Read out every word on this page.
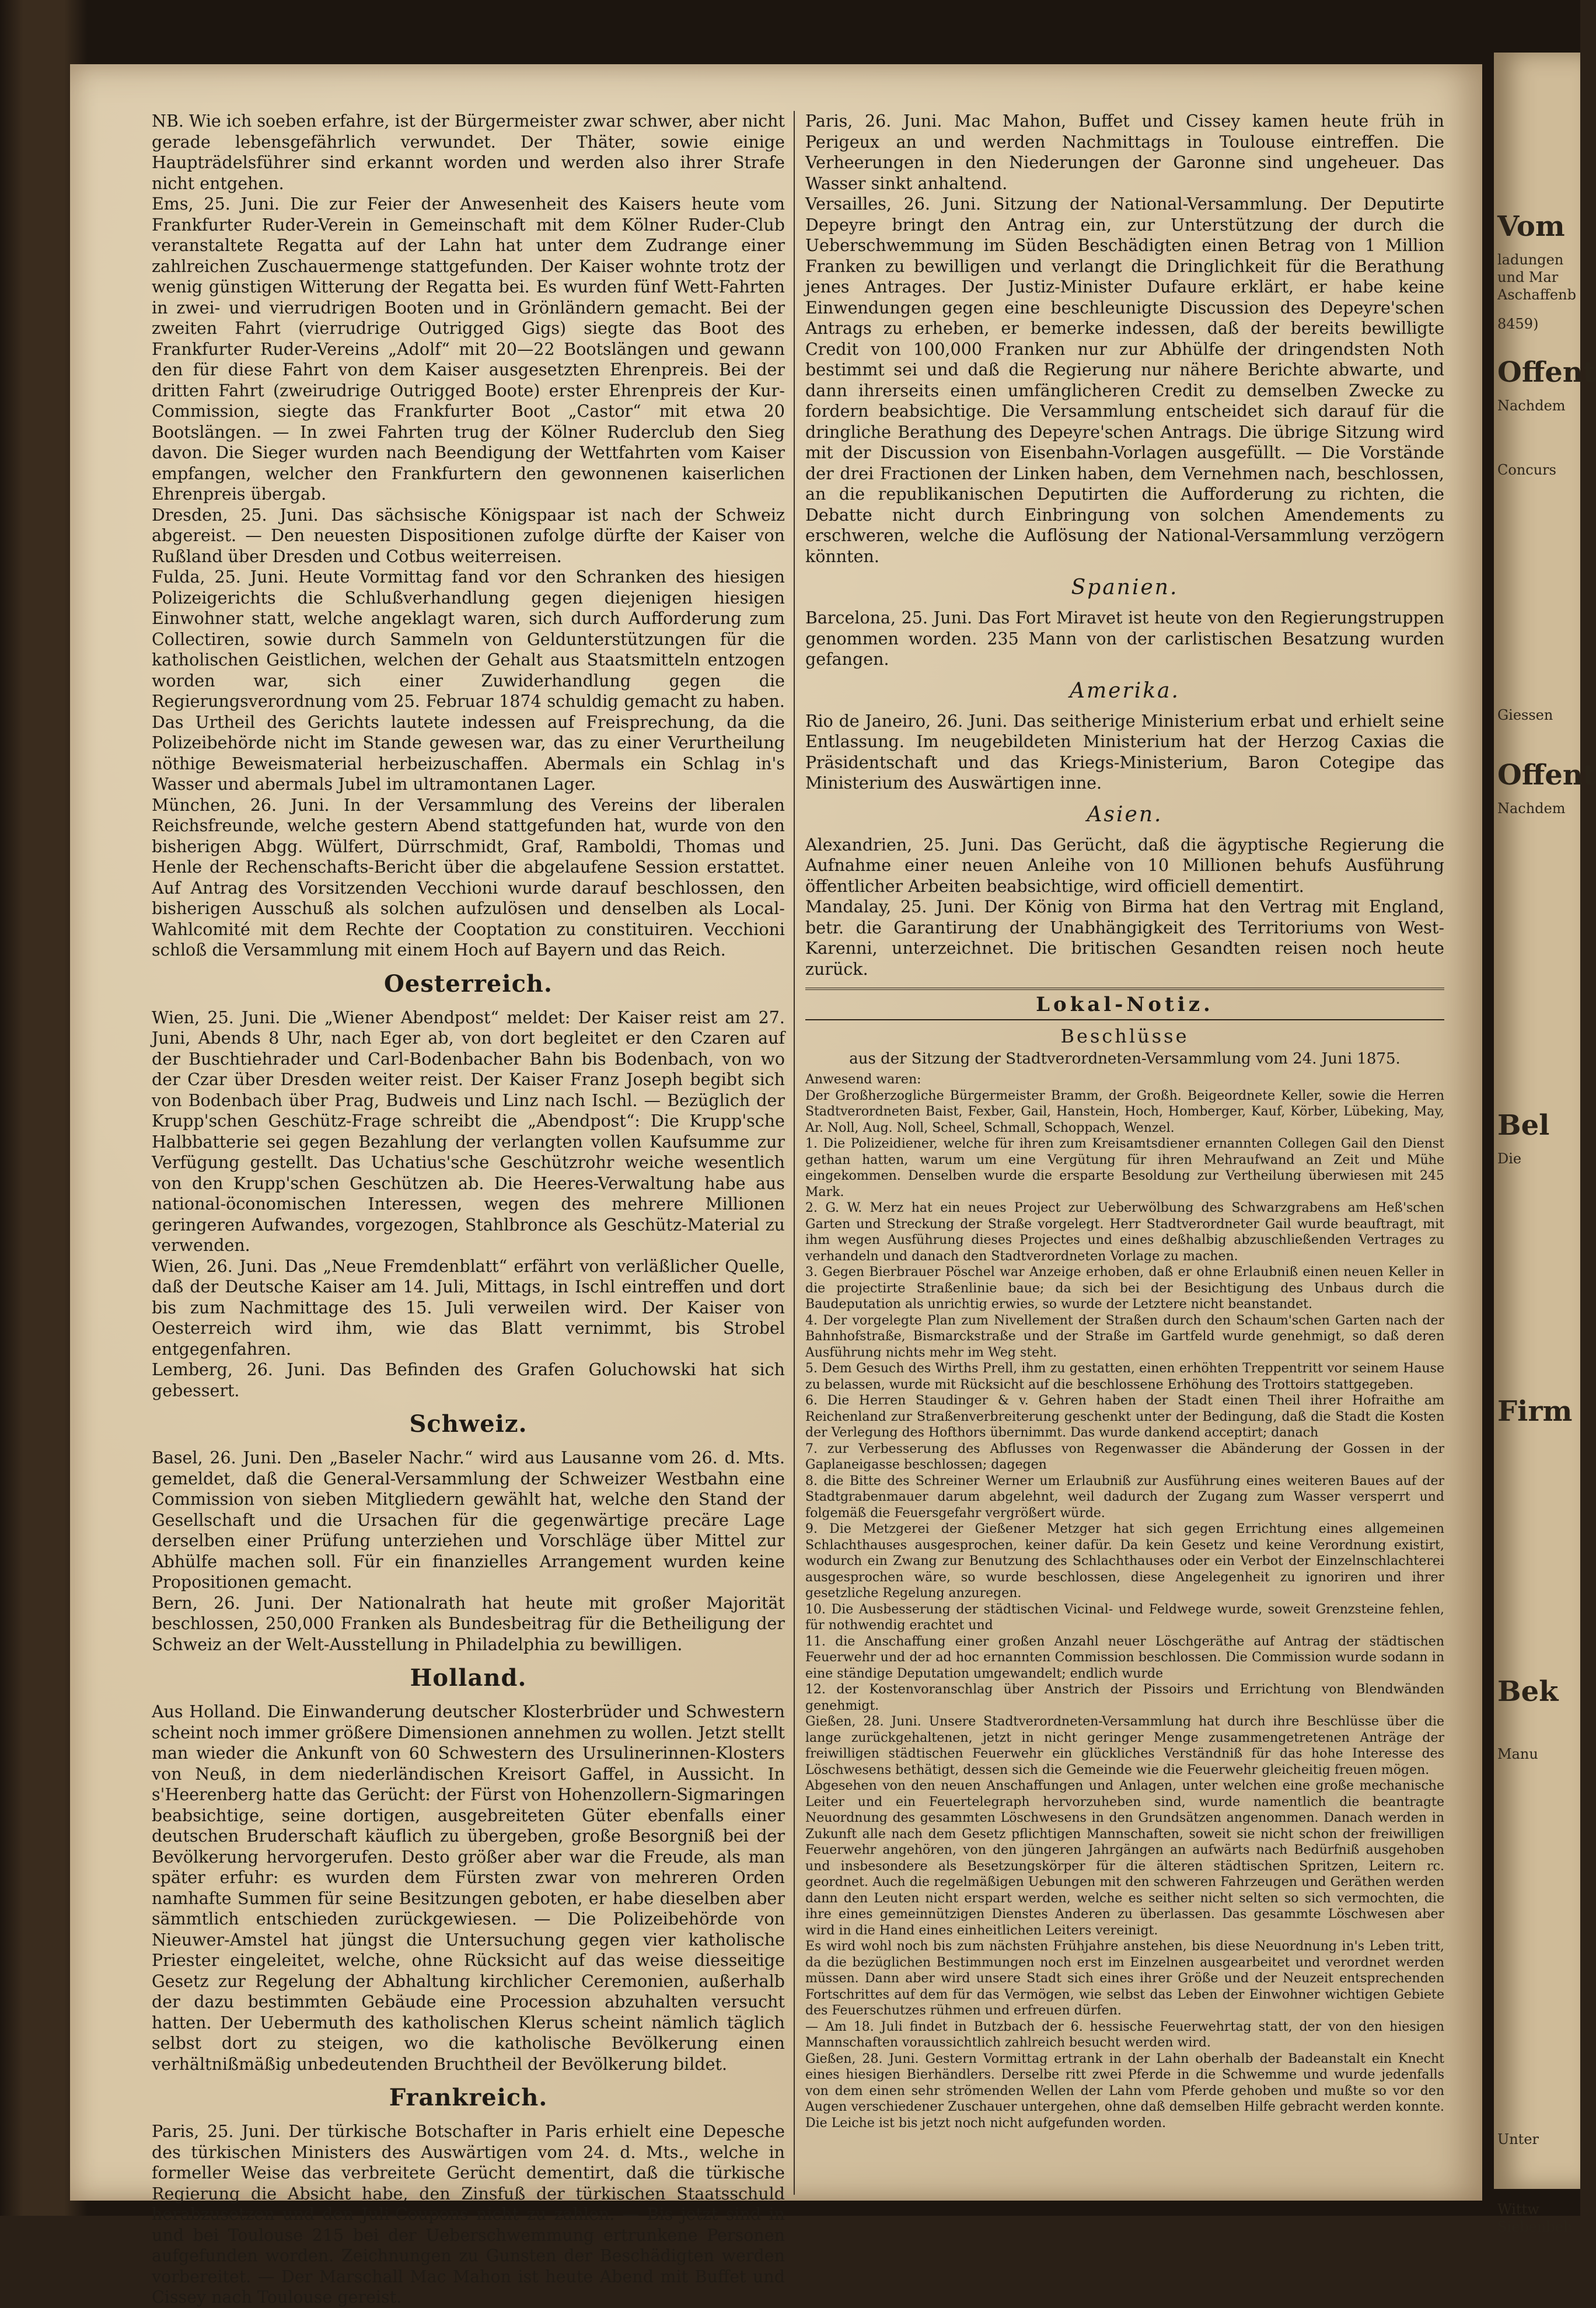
Vom
ladungen
und Mar
Aschaffenb
8459)
Offent
Nachdem
Concurs
Giessen
Offent
Nachdem
Bel
Die
Firm
Bek
Manu
Unter
Wittw
Siebenbeh

NB. Wie ich soeben erfahre, ist der Bürgermeister zwar schwer, aber nicht gerade lebensgefährlich verwundet. Der Thäter, sowie einige Haupträdelsführer sind erkannt worden und werden also ihrer Strafe nicht entgehen.

Ems, 25. Juni. Die zur Feier der Anwesenheit des Kaisers heute vom Frankfurter Ruder-Verein in Gemeinschaft mit dem Kölner Ruder-Club veranstaltete Regatta auf der Lahn hat unter dem Zudrange einer zahlreichen Zuschauermenge stattgefunden. Der Kaiser wohnte trotz der wenig günstigen Witterung der Regatta bei. Es wurden fünf Wett-Fahrten in zwei- und vierrudrigen Booten und in Grönländern gemacht. Bei der zweiten Fahrt (vierrudrige Outrigged Gigs) siegte das Boot des Frankfurter Ruder-Vereins „Adolf“ mit 20—22 Bootslängen und gewann den für diese Fahrt von dem Kaiser ausgesetzten Ehrenpreis. Bei der dritten Fahrt (zweirudrige Outrigged Boote) erster Ehrenpreis der Kur-Commission, siegte das Frankfurter Boot „Castor“ mit etwa 20 Bootslängen. — In zwei Fahrten trug der Kölner Ruderclub den Sieg davon. Die Sieger wurden nach Beendigung der Wettfahrten vom Kaiser empfangen, welcher den Frankfurtern den gewonnenen kaiserlichen Ehrenpreis übergab.

Dresden, 25. Juni. Das sächsische Königspaar ist nach der Schweiz abgereist. — Den neuesten Dispositionen zufolge dürfte der Kaiser von Rußland über Dresden und Cotbus weiterreisen.

Fulda, 25. Juni. Heute Vormittag fand vor den Schranken des hiesigen Polizeigerichts die Schlußverhandlung gegen diejenigen hiesigen Einwohner statt, welche angeklagt waren, sich durch Aufforderung zum Collectiren, sowie durch Sammeln von Geldunterstützungen für die katholischen Geistlichen, welchen der Gehalt aus Staatsmitteln entzogen worden war, sich einer Zuwiderhandlung gegen die Regierungsverordnung vom 25. Februar 1874 schuldig gemacht zu haben. Das Urtheil des Gerichts lautete indessen auf Freisprechung, da die Polizeibehörde nicht im Stande gewesen war, das zu einer Verurtheilung nöthige Beweismaterial herbeizuschaffen. Abermals ein Schlag in's Wasser und abermals Jubel im ultramontanen Lager.

München, 26. Juni. In der Versammlung des Vereins der liberalen Reichsfreunde, welche gestern Abend stattgefunden hat, wurde von den bisherigen Abgg. Wülfert, Dürrschmidt, Graf, Ramboldi, Thomas und Henle der Rechenschafts-Bericht über die abgelaufene Session erstattet. Auf Antrag des Vorsitzenden Vecchioni wurde darauf beschlossen, den bisherigen Ausschuß als solchen aufzulösen und denselben als Local-Wahlcomité mit dem Rechte der Cooptation zu constituiren. Vecchioni schloß die Versammlung mit einem Hoch auf Bayern und das Reich.

Oesterreich.

Wien, 25. Juni. Die „Wiener Abendpost“ meldet: Der Kaiser reist am 27. Juni, Abends 8 Uhr, nach Eger ab, von dort begleitet er den Czaren auf der Buschtiehrader und Carl-Bodenbacher Bahn bis Bodenbach, von wo der Czar über Dresden weiter reist. Der Kaiser Franz Joseph begibt sich von Bodenbach über Prag, Budweis und Linz nach Ischl. — Bezüglich der Krupp'schen Geschütz-Frage schreibt die „Abendpost“: Die Krupp'sche Halbbatterie sei gegen Bezahlung der verlangten vollen Kaufsumme zur Verfügung gestellt. Das Uchatius'sche Geschützrohr weiche wesentlich von den Krupp'schen Geschützen ab. Die Heeres-Verwaltung habe aus national-öconomischen Interessen, wegen des mehrere Millionen geringeren Aufwandes, vorgezogen, Stahlbronce als Geschütz-Material zu verwenden.

Wien, 26. Juni. Das „Neue Fremdenblatt“ erfährt von verläßlicher Quelle, daß der Deutsche Kaiser am 14. Juli, Mittags, in Ischl eintreffen und dort bis zum Nachmittage des 15. Juli verweilen wird. Der Kaiser von Oesterreich wird ihm, wie das Blatt vernimmt, bis Strobel entgegenfahren.

Lemberg, 26. Juni. Das Befinden des Grafen Goluchowski hat sich gebessert.

Schweiz.

Basel, 26. Juni. Den „Baseler Nachr.“ wird aus Lausanne vom 26. d. Mts. gemeldet, daß die General-Versammlung der Schweizer Westbahn eine Commission von sieben Mitgliedern gewählt hat, welche den Stand der Gesellschaft und die Ursachen für die gegenwärtige precäre Lage derselben einer Prüfung unterziehen und Vorschläge über Mittel zur Abhülfe machen soll. Für ein finanzielles Arrangement wurden keine Propositionen gemacht.

Bern, 26. Juni. Der Nationalrath hat heute mit großer Majorität beschlossen, 250,000 Franken als Bundesbeitrag für die Betheiligung der Schweiz an der Welt-Ausstellung in Philadelphia zu bewilligen.

Holland.

Aus Holland. Die Einwanderung deutscher Klosterbrüder und Schwestern scheint noch immer größere Dimensionen annehmen zu wollen. Jetzt stellt man wieder die Ankunft von 60 Schwestern des Ursulinerinnen-Klosters von Neuß, in dem niederländischen Kreisort Gaffel, in Aussicht. In s'Heerenberg hatte das Gerücht: der Fürst von Hohenzollern-Sigmaringen beabsichtige, seine dortigen, ausgebreiteten Güter ebenfalls einer deutschen Bruderschaft käuflich zu übergeben, große Besorgniß bei der Bevölkerung hervorgerufen. Desto größer aber war die Freude, als man später erfuhr: es wurden dem Fürsten zwar von mehreren Orden namhafte Summen für seine Besitzungen geboten, er habe dieselben aber sämmtlich entschieden zurückgewiesen. — Die Polizeibehörde von Nieuwer-Amstel hat jüngst die Untersuchung gegen vier katholische Priester eingeleitet, welche, ohne Rücksicht auf das weise diesseitige Gesetz zur Regelung der Abhaltung kirchlicher Ceremonien, außerhalb der dazu bestimmten Gebäude eine Procession abzuhalten versucht hatten. Der Uebermuth des katholischen Klerus scheint nämlich täglich selbst dort zu steigen, wo die katholische Bevölkerung einen verhältnißmäßig unbedeutenden Bruchtheil der Bevölkerung bildet.

Frankreich.

Paris, 25. Juni. Der türkische Botschafter in Paris erhielt eine Depesche des türkischen Ministers des Auswärtigen vom 24. d. Mts., welche in formeller Weise das verbreitete Gerücht dementirt, daß die türkische Regierung die Absicht habe, den Zinsfuß der türkischen Staatsschuld herabzusetzen und den Juli-Coupons nicht zu zahlen. — Bis jetzt sind in und bei Toulouse 215 bei der Ueberschwemmung ertrunkene Personen aufgefunden worden. Zeichnungen zu Gunsten der Beschädigten werden vorbereitet. — Der Marschall Mac Mahon ist heute Abend mit Buffet und Cissey nach Toulouse gereist.

Paris, 26. Juni. Mac Mahon, Buffet und Cissey kamen heute früh in Perigeux an und werden Nachmittags in Toulouse eintreffen. Die Verheerungen in den Niederungen der Garonne sind ungeheuer. Das Wasser sinkt anhaltend.

Versailles, 26. Juni. Sitzung der National-Versammlung. Der Deputirte Depeyre bringt den Antrag ein, zur Unterstützung der durch die Ueberschwemmung im Süden Beschädigten einen Betrag von 1 Million Franken zu bewilligen und verlangt die Dringlichkeit für die Berathung jenes Antrages. Der Justiz-Minister Dufaure erklärt, er habe keine Einwendungen gegen eine beschleunigte Discussion des Depeyre'schen Antrags zu erheben, er bemerke indessen, daß der bereits bewilligte Credit von 100,000 Franken nur zur Abhülfe der dringendsten Noth bestimmt sei und daß die Regierung nur nähere Berichte abwarte, und dann ihrerseits einen umfänglicheren Credit zu demselben Zwecke zu fordern beabsichtige. Die Versammlung entscheidet sich darauf für die dringliche Berathung des Depeyre'schen Antrags. Die übrige Sitzung wird mit der Discussion von Eisenbahn-Vorlagen ausgefüllt. — Die Vorstände der drei Fractionen der Linken haben, dem Vernehmen nach, beschlossen, an die republikanischen Deputirten die Aufforderung zu richten, die Debatte nicht durch Einbringung von solchen Amendements zu erschweren, welche die Auflösung der National-Versammlung verzögern könnten.

Spanien.

Barcelona, 25. Juni. Das Fort Miravet ist heute von den Regierungstruppen genommen worden. 235 Mann von der carlistischen Besatzung wurden gefangen.

Amerika.

Rio de Janeiro, 26. Juni. Das seitherige Ministerium erbat und erhielt seine Entlassung. Im neugebildeten Ministerium hat der Herzog Caxias die Präsidentschaft und das Kriegs-Ministerium, Baron Cotegipe das Ministerium des Auswärtigen inne.

Asien.

Alexandrien, 25. Juni. Das Gerücht, daß die ägyptische Regierung die Aufnahme einer neuen Anleihe von 10 Millionen behufs Ausführung öffentlicher Arbeiten beabsichtige, wird officiell dementirt.

Mandalay, 25. Juni. Der König von Birma hat den Vertrag mit England, betr. die Garantirung der Unabhängigkeit des Territoriums von West-Karenni, unterzeichnet. Die britischen Gesandten reisen noch heute zurück.

Lokal-Notiz.
Beschlüsse
aus der Sitzung der Stadtverordneten-Versammlung vom 24. Juni 1875.

Anwesend waren:

Der Großherzogliche Bürgermeister Bramm, der Großh. Beigeordnete Keller, sowie die Herren Stadtverordneten Baist, Fexber, Gail, Hanstein, Hoch, Homberger, Kauf, Körber, Lübeking, May, Ar. Noll, Aug. Noll, Scheel, Schmall, Schoppach, Wenzel.

1. Die Polizeidiener, welche für ihren zum Kreisamtsdiener ernannten Collegen Gail den Dienst gethan hatten, warum um eine Vergütung für ihren Mehraufwand an Zeit und Mühe eingekommen. Denselben wurde die ersparte Besoldung zur Vertheilung überwiesen mit 245 Mark.

2. G. W. Merz hat ein neues Project zur Ueberwölbung des Schwarzgrabens am Heß'schen Garten und Streckung der Straße vorgelegt. Herr Stadtverordneter Gail wurde beauftragt, mit ihm wegen Ausführung dieses Projectes und eines deßhalbig abzuschließenden Vertrages zu verhandeln und danach den Stadtverordneten Vorlage zu machen.

3. Gegen Bierbrauer Pöschel war Anzeige erhoben, daß er ohne Erlaubniß einen neuen Keller in die projectirte Straßenlinie baue; da sich bei der Besichtigung des Unbaus durch die Baudeputation als unrichtig erwies, so wurde der Letztere nicht beanstandet.

4. Der vorgelegte Plan zum Nivellement der Straßen durch den Schaum'schen Garten nach der Bahnhofstraße, Bismarckstraße und der Straße im Gartfeld wurde genehmigt, so daß deren Ausführung nichts mehr im Weg steht.

5. Dem Gesuch des Wirths Prell, ihm zu gestatten, einen erhöhten Treppentritt vor seinem Hause zu belassen, wurde mit Rücksicht auf die beschlossene Erhöhung des Trottoirs stattgegeben.

6. Die Herren Staudinger & v. Gehren haben der Stadt einen Theil ihrer Hofraithe am Reichenland zur Straßenverbreiterung geschenkt unter der Bedingung, daß die Stadt die Kosten der Verlegung des Hofthors übernimmt. Das wurde dankend acceptirt; danach

7. zur Verbesserung des Abflusses von Regenwasser die Abänderung der Gossen in der Gaplaneigasse beschlossen; dagegen

8. die Bitte des Schreiner Werner um Erlaubniß zur Ausführung eines weiteren Baues auf der Stadtgrabenmauer darum abgelehnt, weil dadurch der Zugang zum Wasser versperrt und folgemäß die Feuersgefahr vergrößert würde.

9. Die Metzgerei der Gießener Metzger hat sich gegen Errichtung eines allgemeinen Schlachthauses ausgesprochen, keiner dafür. Da kein Gesetz und keine Verordnung existirt, wodurch ein Zwang zur Benutzung des Schlachthauses oder ein Verbot der Einzelnschlachterei ausgesprochen wäre, so wurde beschlossen, diese Angelegenheit zu ignoriren und ihrer gesetzliche Regelung anzuregen.

10. Die Ausbesserung der städtischen Vicinal- und Feldwege wurde, soweit Grenzsteine fehlen, für nothwendig erachtet und

11. die Anschaffung einer großen Anzahl neuer Löschgeräthe auf Antrag der städtischen Feuerwehr und der ad hoc ernannten Commission beschlossen. Die Commission wurde sodann in eine ständige Deputation umgewandelt; endlich wurde

12. der Kostenvoranschlag über Anstrich der Pissoirs und Errichtung von Blendwänden genehmigt.

Gießen, 28. Juni. Unsere Stadtverordneten-Versammlung hat durch ihre Beschlüsse über die lange zurückgehaltenen, jetzt in nicht geringer Menge zusammengetretenen Anträge der freiwilligen städtischen Feuerwehr ein glückliches Verständniß für das hohe Interesse des Löschwesens bethätigt, dessen sich die Gemeinde wie die Feuerwehr gleicheitig freuen mögen.

Abgesehen von den neuen Anschaffungen und Anlagen, unter welchen eine große mechanische Leiter und ein Feuertelegraph hervorzuheben sind, wurde namentlich die beantragte Neuordnung des gesammten Löschwesens in den Grundsätzen angenommen. Danach werden in Zukunft alle nach dem Gesetz pflichtigen Mannschaften, soweit sie nicht schon der freiwilligen Feuerwehr angehören, von den jüngeren Jahrgängen an aufwärts nach Bedürfniß ausgehoben und insbesondere als Besetzungskörper für die älteren städtischen Spritzen, Leitern rc. geordnet. Auch die regelmäßigen Uebungen mit den schweren Fahrzeugen und Geräthen werden dann den Leuten nicht erspart werden, welche es seither nicht selten so sich vermochten, die ihre eines gemeinnützigen Dienstes Anderen zu überlassen. Das gesammte Löschwesen aber wird in die Hand eines einheitlichen Leiters vereinigt.

Es wird wohl noch bis zum nächsten Frühjahre anstehen, bis diese Neuordnung in's Leben tritt, da die bezüglichen Bestimmungen noch erst im Einzelnen ausgearbeitet und verordnet werden müssen. Dann aber wird unsere Stadt sich eines ihrer Größe und der Neuzeit entsprechenden Fortschrittes auf dem für das Vermögen, wie selbst das Leben der Einwohner wichtigen Gebiete des Feuerschutzes rühmen und erfreuen dürfen.

— Am 18. Juli findet in Butzbach der 6. hessische Feuerwehrtag statt, der von den hiesigen Mannschaften voraussichtlich zahlreich besucht werden wird.

Gießen, 28. Juni. Gestern Vormittag ertrank in der Lahn oberhalb der Badeanstalt ein Knecht eines hiesigen Bierhändlers. Derselbe ritt zwei Pferde in die Schwemme und wurde jedenfalls von dem einen sehr strömenden Wellen der Lahn vom Pferde gehoben und mußte so vor den Augen verschiedener Zuschauer untergehen, ohne daß demselben Hilfe gebracht werden konnte. Die Leiche ist bis jetzt noch nicht aufgefunden worden.
